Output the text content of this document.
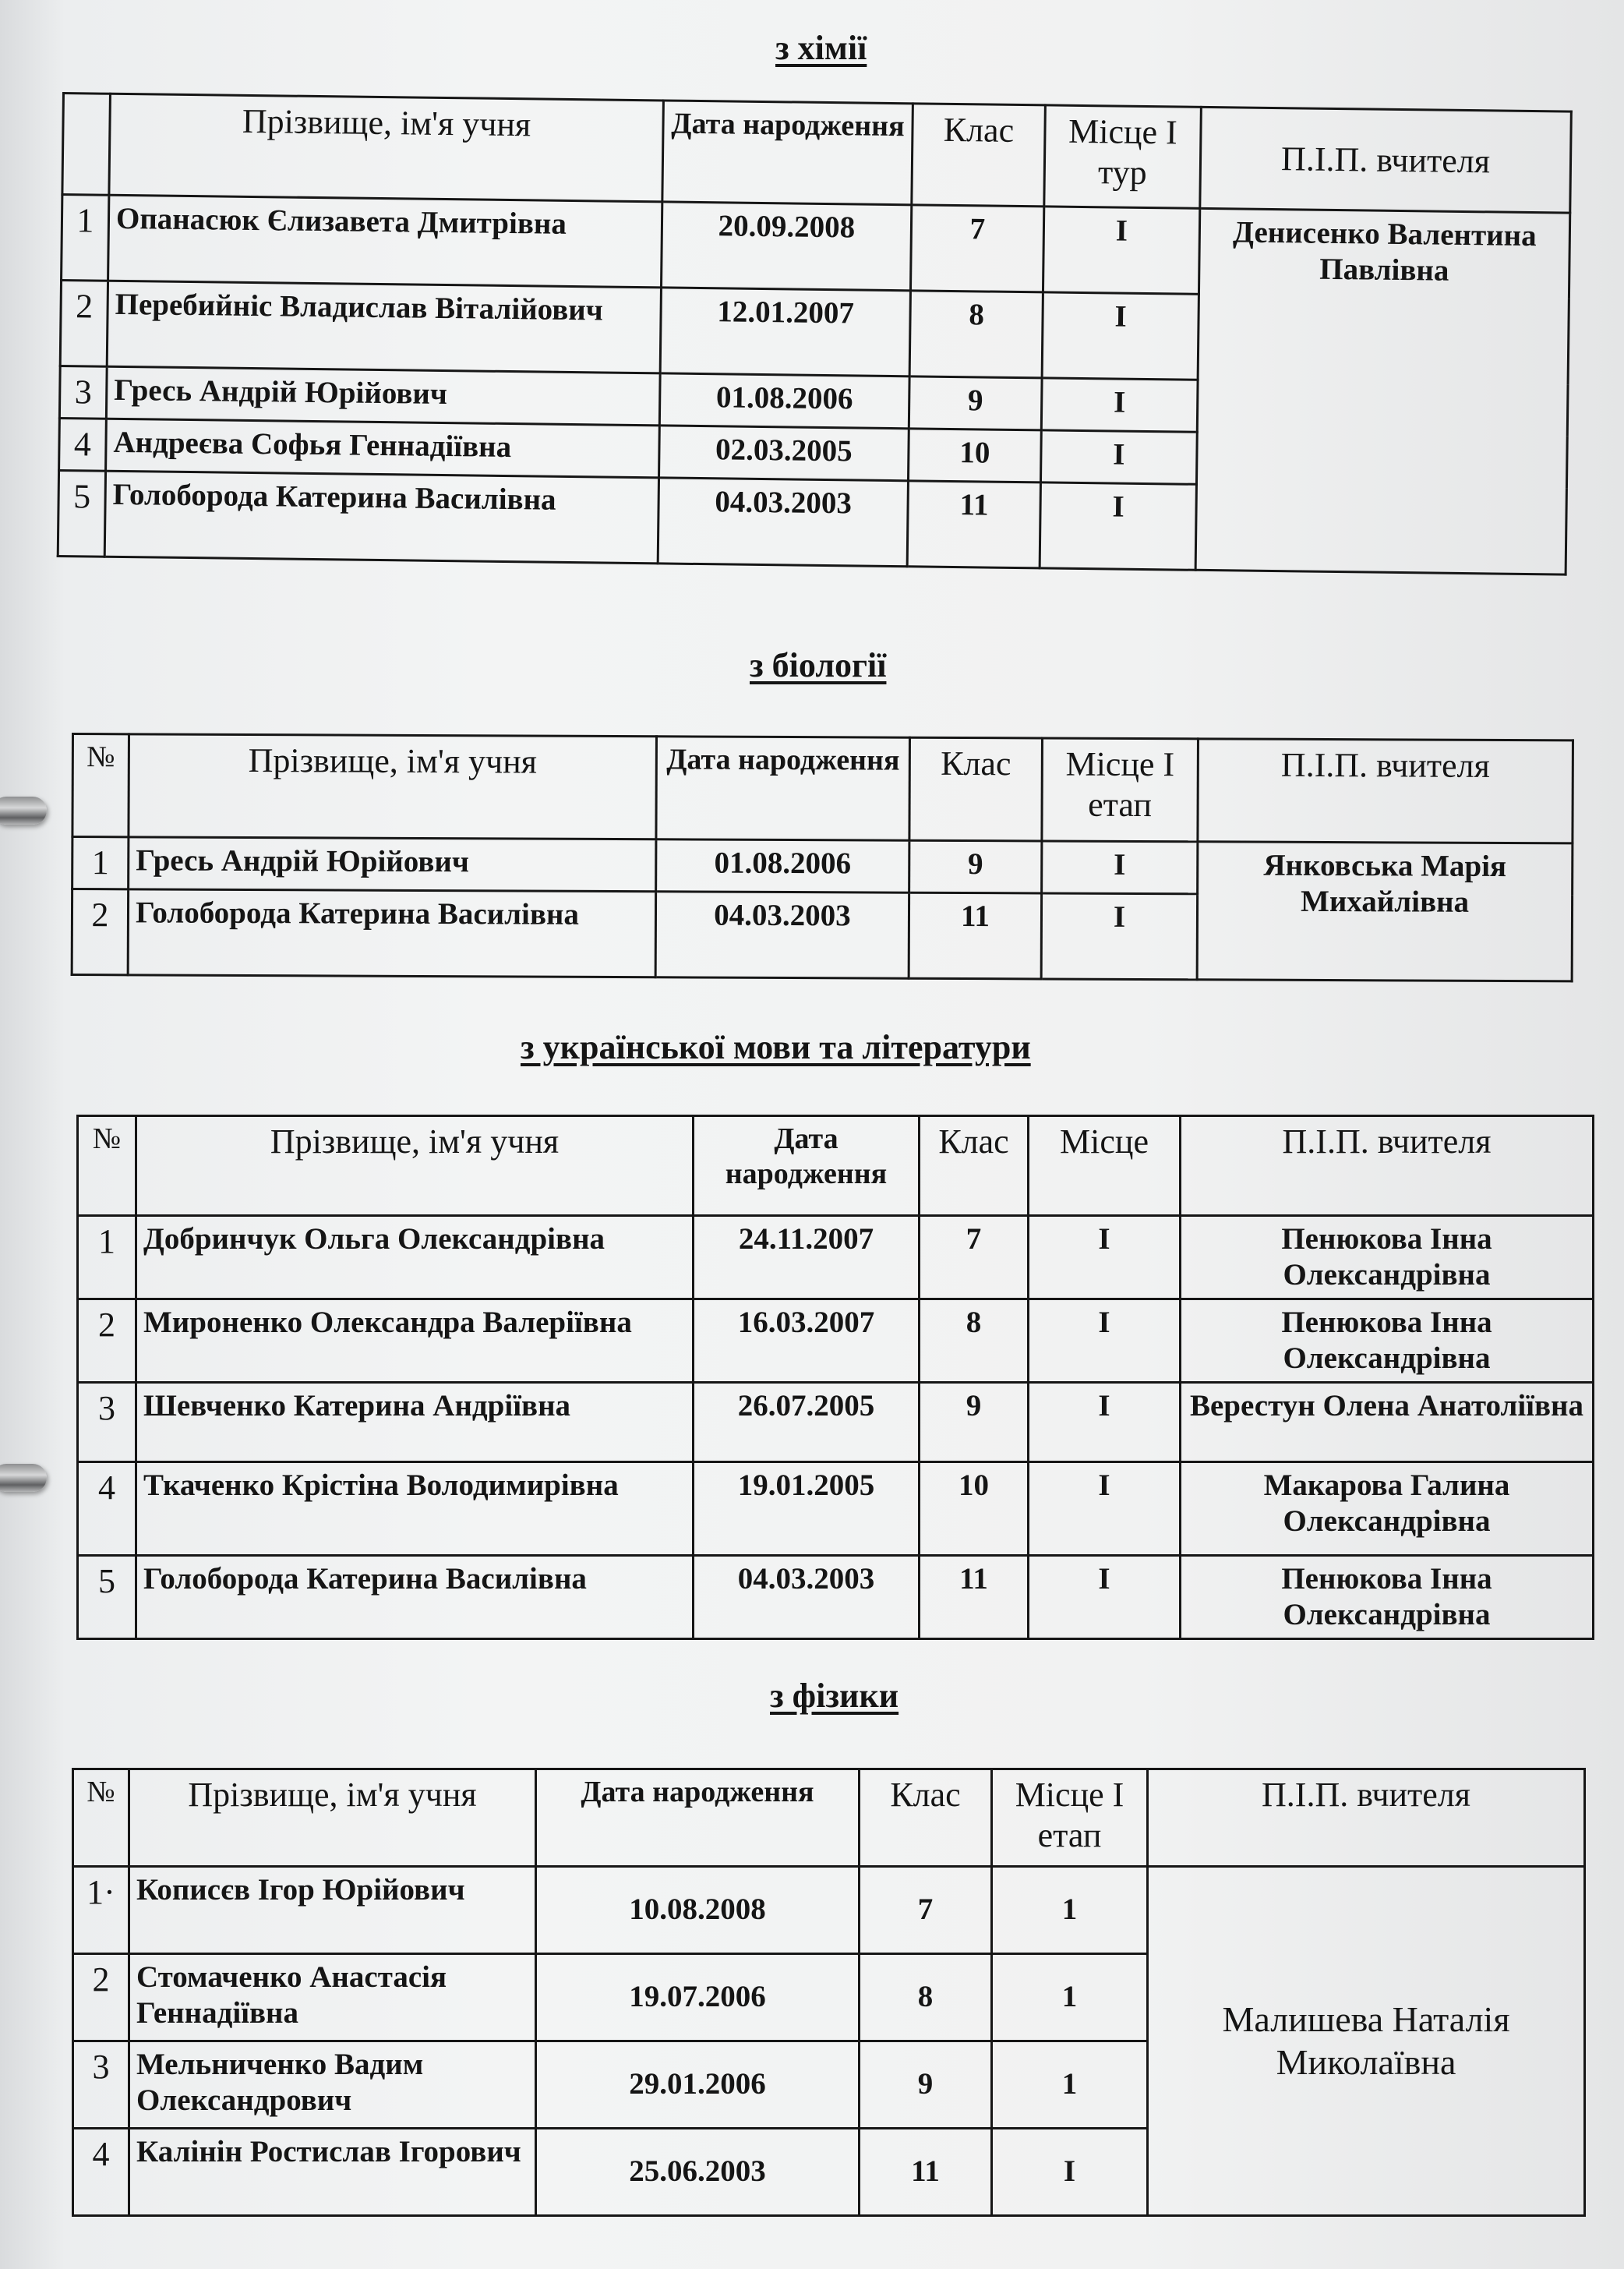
з хімії
	Прізвище, ім'я учня	Дата народження	Клас	Місце І тур	П.І.П. вчителя
1	Опанасюк Єлизавета Дмитрівна	20.09.2008	7	І	Денисенко Валентина Павлівна
2	Перебийніс Владислав Віталійович	12.01.2007	8	І	
3	Гресь Андрій Юрійович	01.08.2006	9	І	
4	Андреєва Софья Геннадіївна	02.03.2005	10	І	
5	Голоборода Катерина Василівна	04.03.2003	11	І	
з біології
№	Прізвище, ім'я учня	Дата народження	Клас	Місце І етап	П.І.П. вчителя
1	Гресь Андрій Юрійович	01.08.2006	9	І	Янковська Марія Михайлівна
2	Голоборода Катерина Василівна	04.03.2003	11	І	
з української мови та літератури
№	Прізвище, ім'я учня	Дата народження	Клас	Місце	П.І.П. вчителя
1	Добринчук Ольга Олександрівна	24.11.2007	7	І	Пенюкова Інна Олександрівна
2	Мироненко Олександра Валеріївна	16.03.2007	8	І	Пенюкова Інна Олександрівна
3	Шевченко Катерина Андріївна	26.07.2005	9	І	Верестун Олена Анатоліївна
4	Ткаченко Крістіна Володимирівна	19.01.2005	10	І	Макарова Галина Олександрівна
5	Голоборода Катерина Василівна	04.03.2003	11	І	Пенюкова Інна Олександрівна
з фізики
№	Прізвище, ім'я учня	Дата народження	Клас	Місце І етап	П.І.П. вчителя
1·	Кописєв Ігор Юрійович	10.08.2008	7	1	Малишева Наталія Миколаївна
2	Стомаченко Анастасія Геннадіївна	19.07.2006	8	1	
3	Мельниченко Вадим Олександрович	29.01.2006	9	1	
4	Калінін Ростислав Ігорович	25.06.2003	11	І	
